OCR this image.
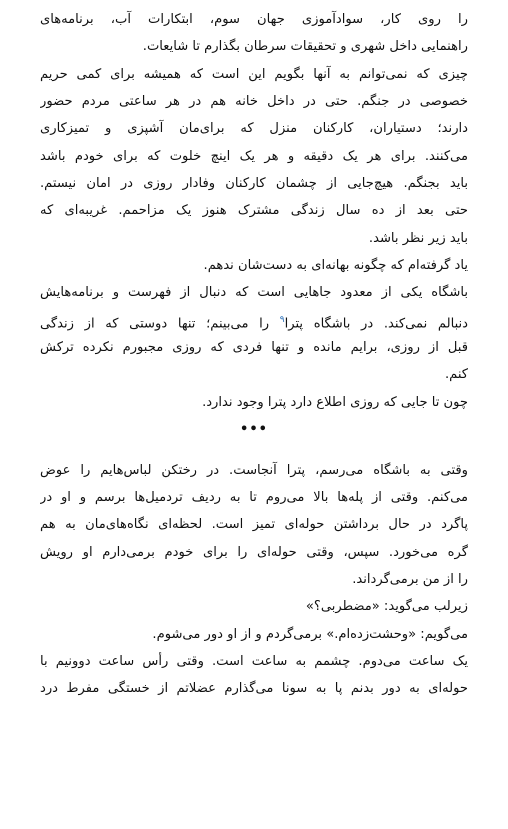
را روی کار، سوادآموزی جهان سوم، ابتکارات آب، برنامه‌های
راهنمایی داخل شهری و تحقیقات سرطان بگذارم تا شایعات.
چیزی که نمی‌توانم به آنها بگویم این است که همیشه برای کمی حریم
خصوصی در جنگم. حتی در داخل خانه هم در هر ساعتی مردم حضور
دارند؛ دستیاران، کارکنان منزل که برای‌مان آشپزی و تمیزکاری
می‌کنند. برای هر یک دقیقه و هر یک اینچ خلوت که برای خودم باشد
باید بجنگم. هیچ‌جایی از چشمان کارکنان وفادار روزی در امان نیستم.
حتی بعد از ده سال زندگی مشترک هنوز یک مزاحمم. غریبه‌ای که
باید زیر نظر باشد.
یاد گرفته‌ام که چگونه بهانه‌ای به دست‌شان ندهم.
باشگاه یکی از معدود جاهایی است که دنبال از فهرست و برنامه‌هایش
دنبالم نمی‌کند. در باشگاه پترا$^۹$ را می‌بینم؛ تنها دوستی که از زندگی
قبل از روزی، برایم مانده و تنها فردی که روزی مجبورم نکرده ترکش
کنم.
چون تا جایی که روزی اطلاع دارد پترا وجود ندارد.
•••
وقتی به باشگاه می‌رسم، پترا آنجاست. در رختکن لباس‌هایم را عوض
می‌کنم. وقتی از پله‌ها بالا می‌روم تا به ردیف تردمیل‌ها برسم و او در
پاگرد در حال برداشتن حوله‌ای تمیز است. لحظه‌ای نگاه‌های‌مان به هم
گره می‌خورد. سپس، وقتی حوله‌ای را برای خودم برمی‌دارم او رویش
را از من برمی‌گرداند.
زیرلب می‌گوید: «مضطربی؟»
می‌گویم: «وحشت‌زده‌ام.» برمی‌گردم و از او دور می‌شوم.
یک ساعت می‌دوم. چشمم به ساعت است. وقتی رأس ساعت دوونیم با
حوله‌ای به دور بدنم پا به سونا می‌گذارم عضلاتم از خستگی مفرط درد
